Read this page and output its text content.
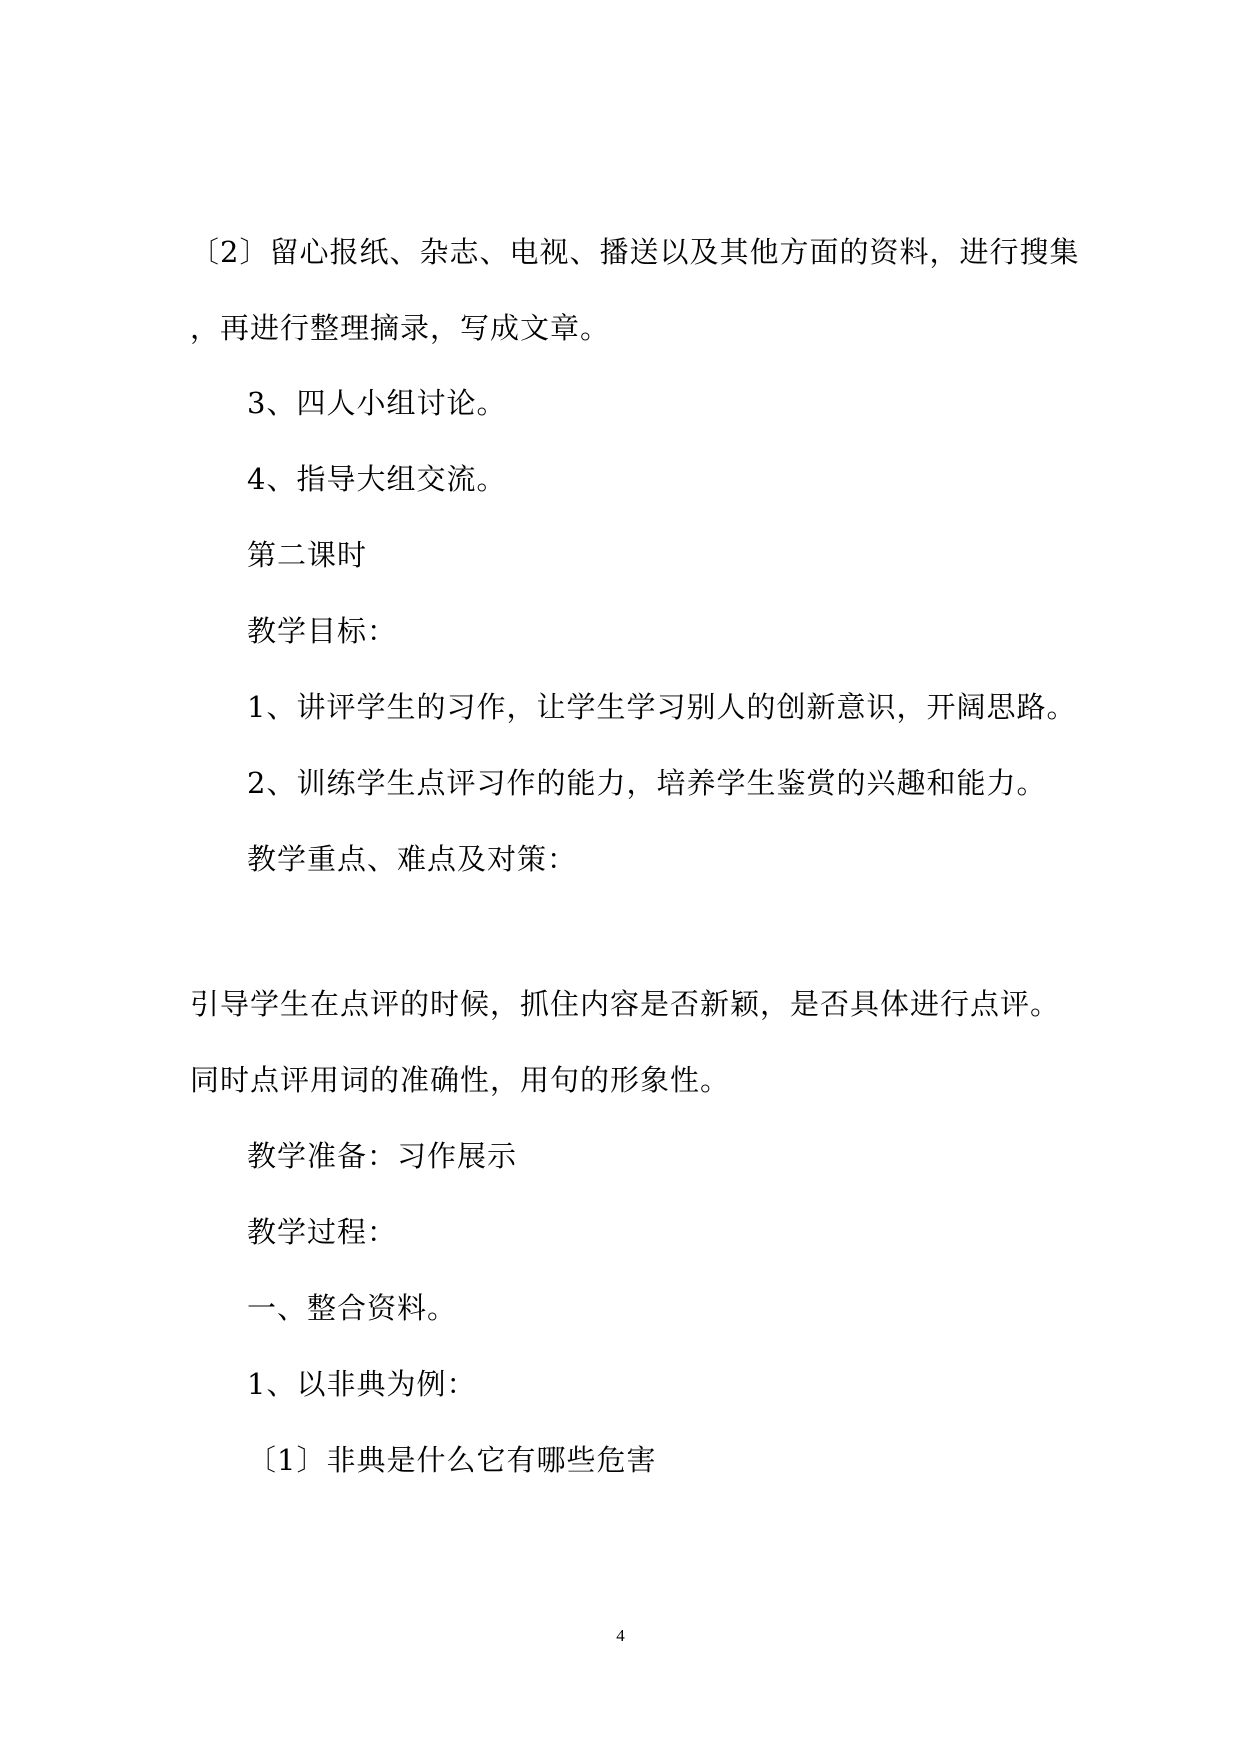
〔2〕留心报纸、杂志、电视、播送以及其他方面的资料，进行搜集
，再进行整理摘录，写成文章。
3、四人小组讨论。
4、指导大组交流。
第二课时
教学目标：
1、讲评学生的习作，让学生学习别人的创新意识，开阔思路。
2、训练学生点评习作的能力，培养学生鉴赏的兴趣和能力。
教学重点、难点及对策：
引导学生在点评的时候，抓住内容是否新颖，是否具体进行点评。
同时点评用词的准确性，用句的形象性。
教学准备：习作展示
教学过程：
一、整合资料。
1、以非典为例：
〔1〕非典是什么它有哪些危害
4
